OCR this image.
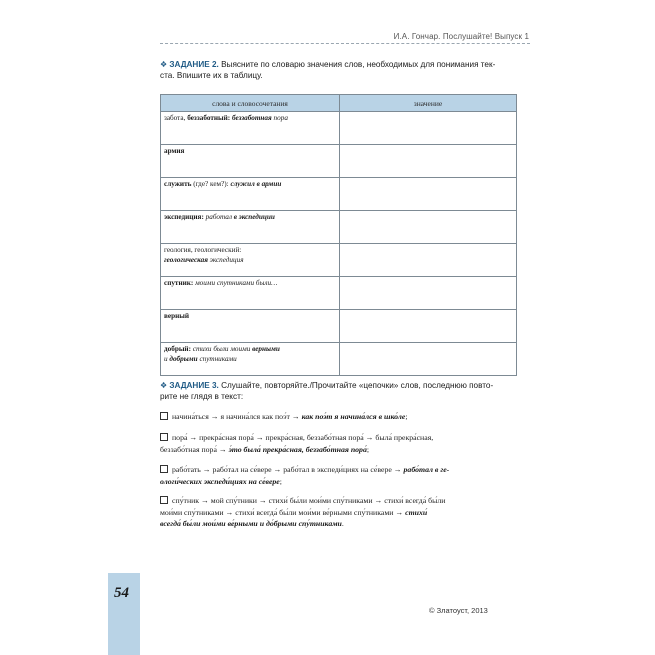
И.А. Гончар. Послушайте! Выпуск 1
❖ ЗАДАНИЕ 2. Выясните по словарю значения слов, необходимых для понимания тек-
ста. Впишите их в таблицу.
слова и словосочетания	значение
забота, беззаботный: беззаботная пора	
армия	
служить (где? кем?): служил в армии	
экспедиция: работал в экспедиции	
геология, геологический:
геологическая экспедиция	
спутник: моими спутниками были…	
верный	
добрый: стихи были моими верными
и добрыми спутниками	
❖ ЗАДАНИЕ 3. Слушайте, повторяйте./Прочитайте «цепочки» слов, последнюю повто-
рите не глядя в текст:
начина́ться → я начина́лся как поэ́т → как поэ́т я начина́лся в шко́ле;
пора́ → прекра́сная пора́ → прекра́сная, беззабо́тная пора́ → была́ прекра́сная,
беззабо́тная пора́ → э́то была́ прекра́сная, беззабо́тная пора́;
рабо́тать → рабо́тал на се́вере → рабо́тал в экспеди́циях на се́вере → рабо́тал в ге-
ологи́ческих экспеди́циях на се́вере;
спу́тник → мой спу́тники → стихи́ бы́ли мои́ми спу́тниками → стихи́ всегда́ бы́ли
мои́ми спу́тниками → стихи́ всегда́ бы́ли мои́ми ве́рными спу́тниками → стихи́
всегда́ бы́ли мои́ми ве́рными и до́брыми спу́тниками.
© Златоуст, 2013
54
